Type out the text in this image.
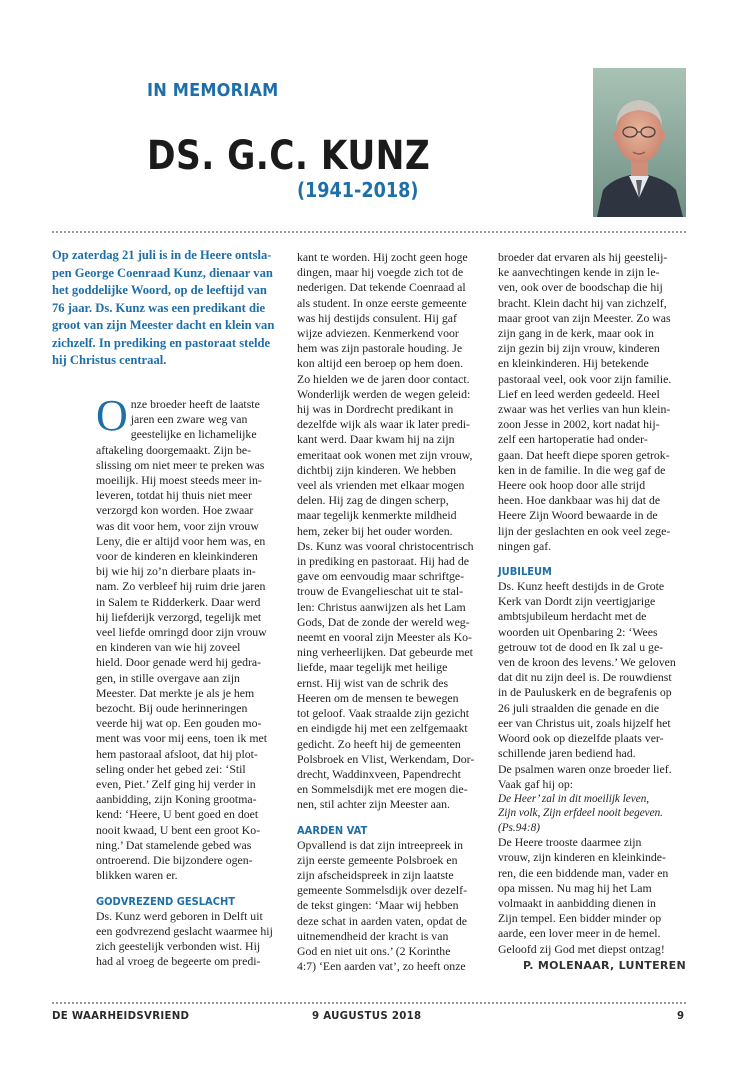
IN MEMORIAM
DS. G.C. KUNZ
(1941-2018)
Op zaterdag 21 juli is in de Heere ontsla-
pen George Coenraad Kunz, dienaar van
het goddelijke Woord, op de leeftijd van
76 jaar. Ds. Kunz was een predikant die
groot van zijn Meester dacht en klein van
zichzelf. In prediking en pastoraat stelde
hij Christus centraal.
O nze broeder heeft de laatste
jaren een zware weg van
geestelijke en lichamelijke
aftakeling doorgemaakt. Zijn be-
slissing om niet meer te preken was
moeilijk. Hij moest steeds meer in-
leveren, totdat hij thuis niet meer
verzorgd kon worden. Hoe zwaar
was dit voor hem, voor zijn vrouw
Leny, die er altijd voor hem was, en
voor de kinderen en kleinkinderen
bij wie hij zo’n dierbare plaats in-
nam. Zo verbleef hij ruim drie jaren
in Salem te Ridderkerk. Daar werd
hij liefderijk verzorgd, tegelijk met
veel liefde omringd door zijn vrouw
en kinderen van wie hij zoveel
hield. Door genade werd hij gedra-
gen, in stille overgave aan zijn
Meester. Dat merkte je als je hem
bezocht. Bij oude herinneringen
veerde hij wat op. Een gouden mo-
ment was voor mij eens, toen ik met
hem pastoraal afsloot, dat hij plot-
seling onder het gebed zei: ‘Stil
even, Piet.’ Zelf ging hij verder in
aanbidding, zijn Koning grootma-
kend: ‘Heere, U bent goed en doet
nooit kwaad, U bent een groot Ko-
ning.’ Dat stamelende gebed was
ontroerend. Die bijzondere ogen-
blikken waren er.

GODVREZEND GESLACHT

Ds. Kunz werd geboren in Delft uit
een godvrezend geslacht waarmee hij
zich geestelijk verbonden wist. Hij
had al vroeg de begeerte om predi-

kant te worden. Hij zocht geen hoge
dingen, maar hij voegde zich tot de
nederigen. Dat tekende Coenraad al
als student. In onze eerste gemeente
was hij destijds consulent. Hij gaf
wijze adviezen. Kenmerkend voor
hem was zijn pastorale houding. Je
kon altijd een beroep op hem doen.
Zo hielden we de jaren door contact.
Wonderlijk werden de wegen geleid:
hij was in Dordrecht predikant in
dezelfde wijk als waar ik later predi-
kant werd. Daar kwam hij na zijn
emeritaat ook wonen met zijn vrouw,
dichtbij zijn kinderen. We hebben
veel als vrienden met elkaar mogen
delen. Hij zag de dingen scherp,
maar tegelijk kenmerkte mildheid
hem, zeker bij het ouder worden.
Ds. Kunz was vooral christocentrisch
in prediking en pastoraat. Hij had de
gave om eenvoudig maar schriftge-
trouw de Evangelieschat uit te stal-
len: Christus aanwijzen als het Lam
Gods, Dat de zonde der wereld weg-
neemt en vooral zijn Meester als Ko-
ning verheerlijken. Dat gebeurde met
liefde, maar tegelijk met heilige
ernst. Hij wist van de schrik des
Heeren om de mensen te bewegen
tot geloof. Vaak straalde zijn gezicht
en eindigde hij met een zelfgemaakt
gedicht. Zo heeft hij de gemeenten
Polsbroek en Vlist, Werkendam, Dor-
drecht, Waddinxveen, Papendrecht
en Sommelsdijk met ere mogen die-
nen, stil achter zijn Meester aan.

AARDEN VAT

Opvallend is dat zijn intreepreek in
zijn eerste gemeente Polsbroek en
zijn afscheidspreek in zijn laatste
gemeente Sommelsdijk over dezelf-
de tekst gingen: ‘Maar wij hebben
deze schat in aarden vaten, opdat de
uitnemendheid der kracht is van
God en niet uit ons.’ (2 Korinthe
4:7) ‘Een aarden vat’, zo heeft onze

broeder dat ervaren als hij geestelij-
ke aanvechtingen kende in zijn le-
ven, ook over de boodschap die hij
bracht. Klein dacht hij van zichzelf,
maar groot van zijn Meester. Zo was
zijn gang in de kerk, maar ook in
zijn gezin bij zijn vrouw, kinderen
en kleinkinderen. Hij betekende
pastoraal veel, ook voor zijn familie.
Lief en leed werden gedeeld. Heel
zwaar was het verlies van hun klein-
zoon Jesse in 2002, kort nadat hij-
zelf een hartoperatie had onder-
gaan. Dat heeft diepe sporen getrok-
ken in de familie. In die weg gaf de
Heere ook hoop door alle strijd
heen. Hoe dankbaar was hij dat de
Heere Zijn Woord bewaarde in de
lijn der geslachten en ook veel zege-
ningen gaf.

JUBILEUM

Ds. Kunz heeft destijds in de Grote
Kerk van Dordt zijn veertigjarige
ambtsjubileum herdacht met de
woorden uit Openbaring 2: ‘Wees
getrouw tot de dood en Ik zal u ge-
ven de kroon des levens.’ We geloven
dat dit nu zijn deel is. De rouwdienst
in de Pauluskerk en de begrafenis op
26 juli straalden die genade en die
eer van Christus uit, zoals hijzelf het
Woord ook op diezelfde plaats ver-
schillende jaren bediend had.
De psalmen waren onze broeder lief.
Vaak gaf hij op:

De Heer’ zal in dit moeilijk leven,
Zijn volk, Zijn erfdeel nooit begeven.
(Ps.94:8)

De Heere trooste daarmee zijn
vrouw, zijn kinderen en kleinkinde-
ren, die een biddende man, vader en
opa missen. Nu mag hij het Lam
volmaakt in aanbidding dienen in
Zijn tempel. Een bidder minder op
aarde, een lover meer in de hemel.
Geloofd zij God met diepst ontzag!

P. MOLENAAR, LUNTEREN
DE WAARHEIDSVRIEND	9 AUGUSTUS 2018	9
